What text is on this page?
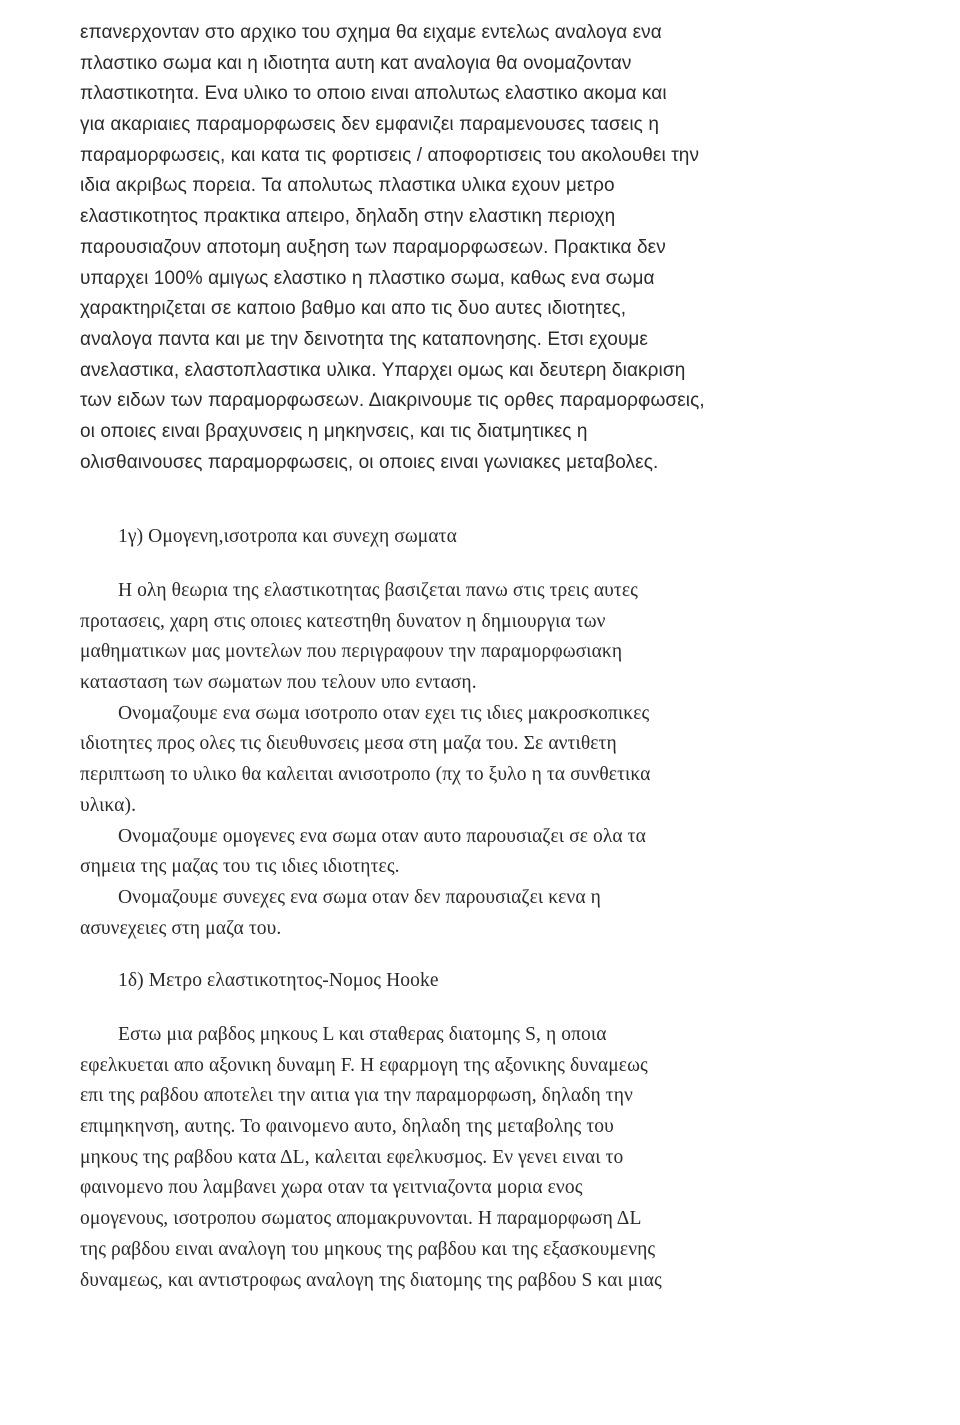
επανερχονταν στο αρχικο του σχημα θα ειχαμε εντελως αναλογα ενα
πλαστικο σωμα και η ιδιοτητα αυτη κατ αναλογια θα ονομαζονταν
πλαστικοτητα. Ενα υλικο το οποιο ειναι απολυτως ελαστικο ακομα και
για ακαριαιες παραμορφωσεις δεν εμφανιζει παραμενουσες τασεις η
παραμορφωσεις, και κατα τις φορτισεις / αποφορτισεις του ακολουθει την
ιδια ακριβως πορεια. Τα απολυτως πλαστικα υλικα εχουν μετρο
ελαστικοτητος πρακτικα απειρο, δηλαδη στην ελαστικη περιοχη
παρουσιαζουν αποτομη αυξηση των παραμορφωσεων. Πρακτικα δεν
υπαρχει 100% αμιγως ελαστικο η πλαστικο σωμα, καθως ενα σωμα
χαρακτηριζεται σε καποιο βαθμο και απο τις δυο αυτες ιδιοτητες,
αναλογα παντα και με την δεινοτητα της καταπονησης. Ετσι εχουμε
ανελαστικα, ελαστοπλαστικα υλικα. Υπαρχει ομως και δευτερη διακριση
των ειδων των παραμορφωσεων. Διακρινουμε τις ορθες παραμορφωσεις,
οι οποιες ειναι βραχυνσεις η μηκηνσεις, και τις διατμητικες η
ολισθαινουσες παραμορφωσεις, οι οποιες ειναι γωνιακες μεταβολες.
1γ) Ομογενη,ισοτροπα και συνεχη σωματα
Η ολη θεωρια της ελαστικοτητας βασιζεται πανω στις τρεις αυτες
προτασεις, χαρη στις οποιες κατεστηθη δυνατον η δημιουργια των
μαθηματικων μας μοντελων που περιγραφουν την παραμορφωσιακη
κατασταση των σωματων που τελουν υπο ενταση.
Ονομαζουμε ενα σωμα ισοτροπο οταν εχει τις ιδιες μακροσκοπικες
ιδιοτητες προς ολες τις διευθυνσεις μεσα στη μαζα του. Σε αντιθετη
περιπτωση το υλικο θα καλειται ανισοτροπο (πχ το ξυλο η τα συνθετικα
υλικα).
Ονομαζουμε ομογενες ενα σωμα οταν αυτο παρουσιαζει σε ολα τα
σημεια της μαζας του τις ιδιες ιδιοτητες.
Ονομαζουμε συνεχες ενα σωμα οταν δεν παρουσιαζει κενα η
ασυνεχειες στη μαζα του.
1δ) Μετρο ελαστικοτητος-Νομος Hooke
Εστω μια ραβδος μηκους L και σταθερας διατομης S, η οποια
εφελκυεται απο αξονικη δυναμη F. Η εφαρμογη της αξονικης δυναμεως
επι της ραβδου αποτελει την αιτια για την παραμορφωση, δηλαδη την
επιμηκηνση, αυτης. Το φαινομενο αυτο, δηλαδη της μεταβολης του
μηκους της ραβδου κατα ΔL, καλειται εφελκυσμος. Εν γενει ειναι το
φαινομενο που λαμβανει χωρα οταν τα γειτνιαζοντα μορια ενος
ομογενους, ισοτροπου σωματος απομακρυνονται. Η παραμορφωση ΔL
της ραβδου ειναι αναλογη του μηκους της ραβδου και της εξασκουμενης
δυναμεως, και αντιστροφως αναλογη της διατομης της ραβδου S και μιας
